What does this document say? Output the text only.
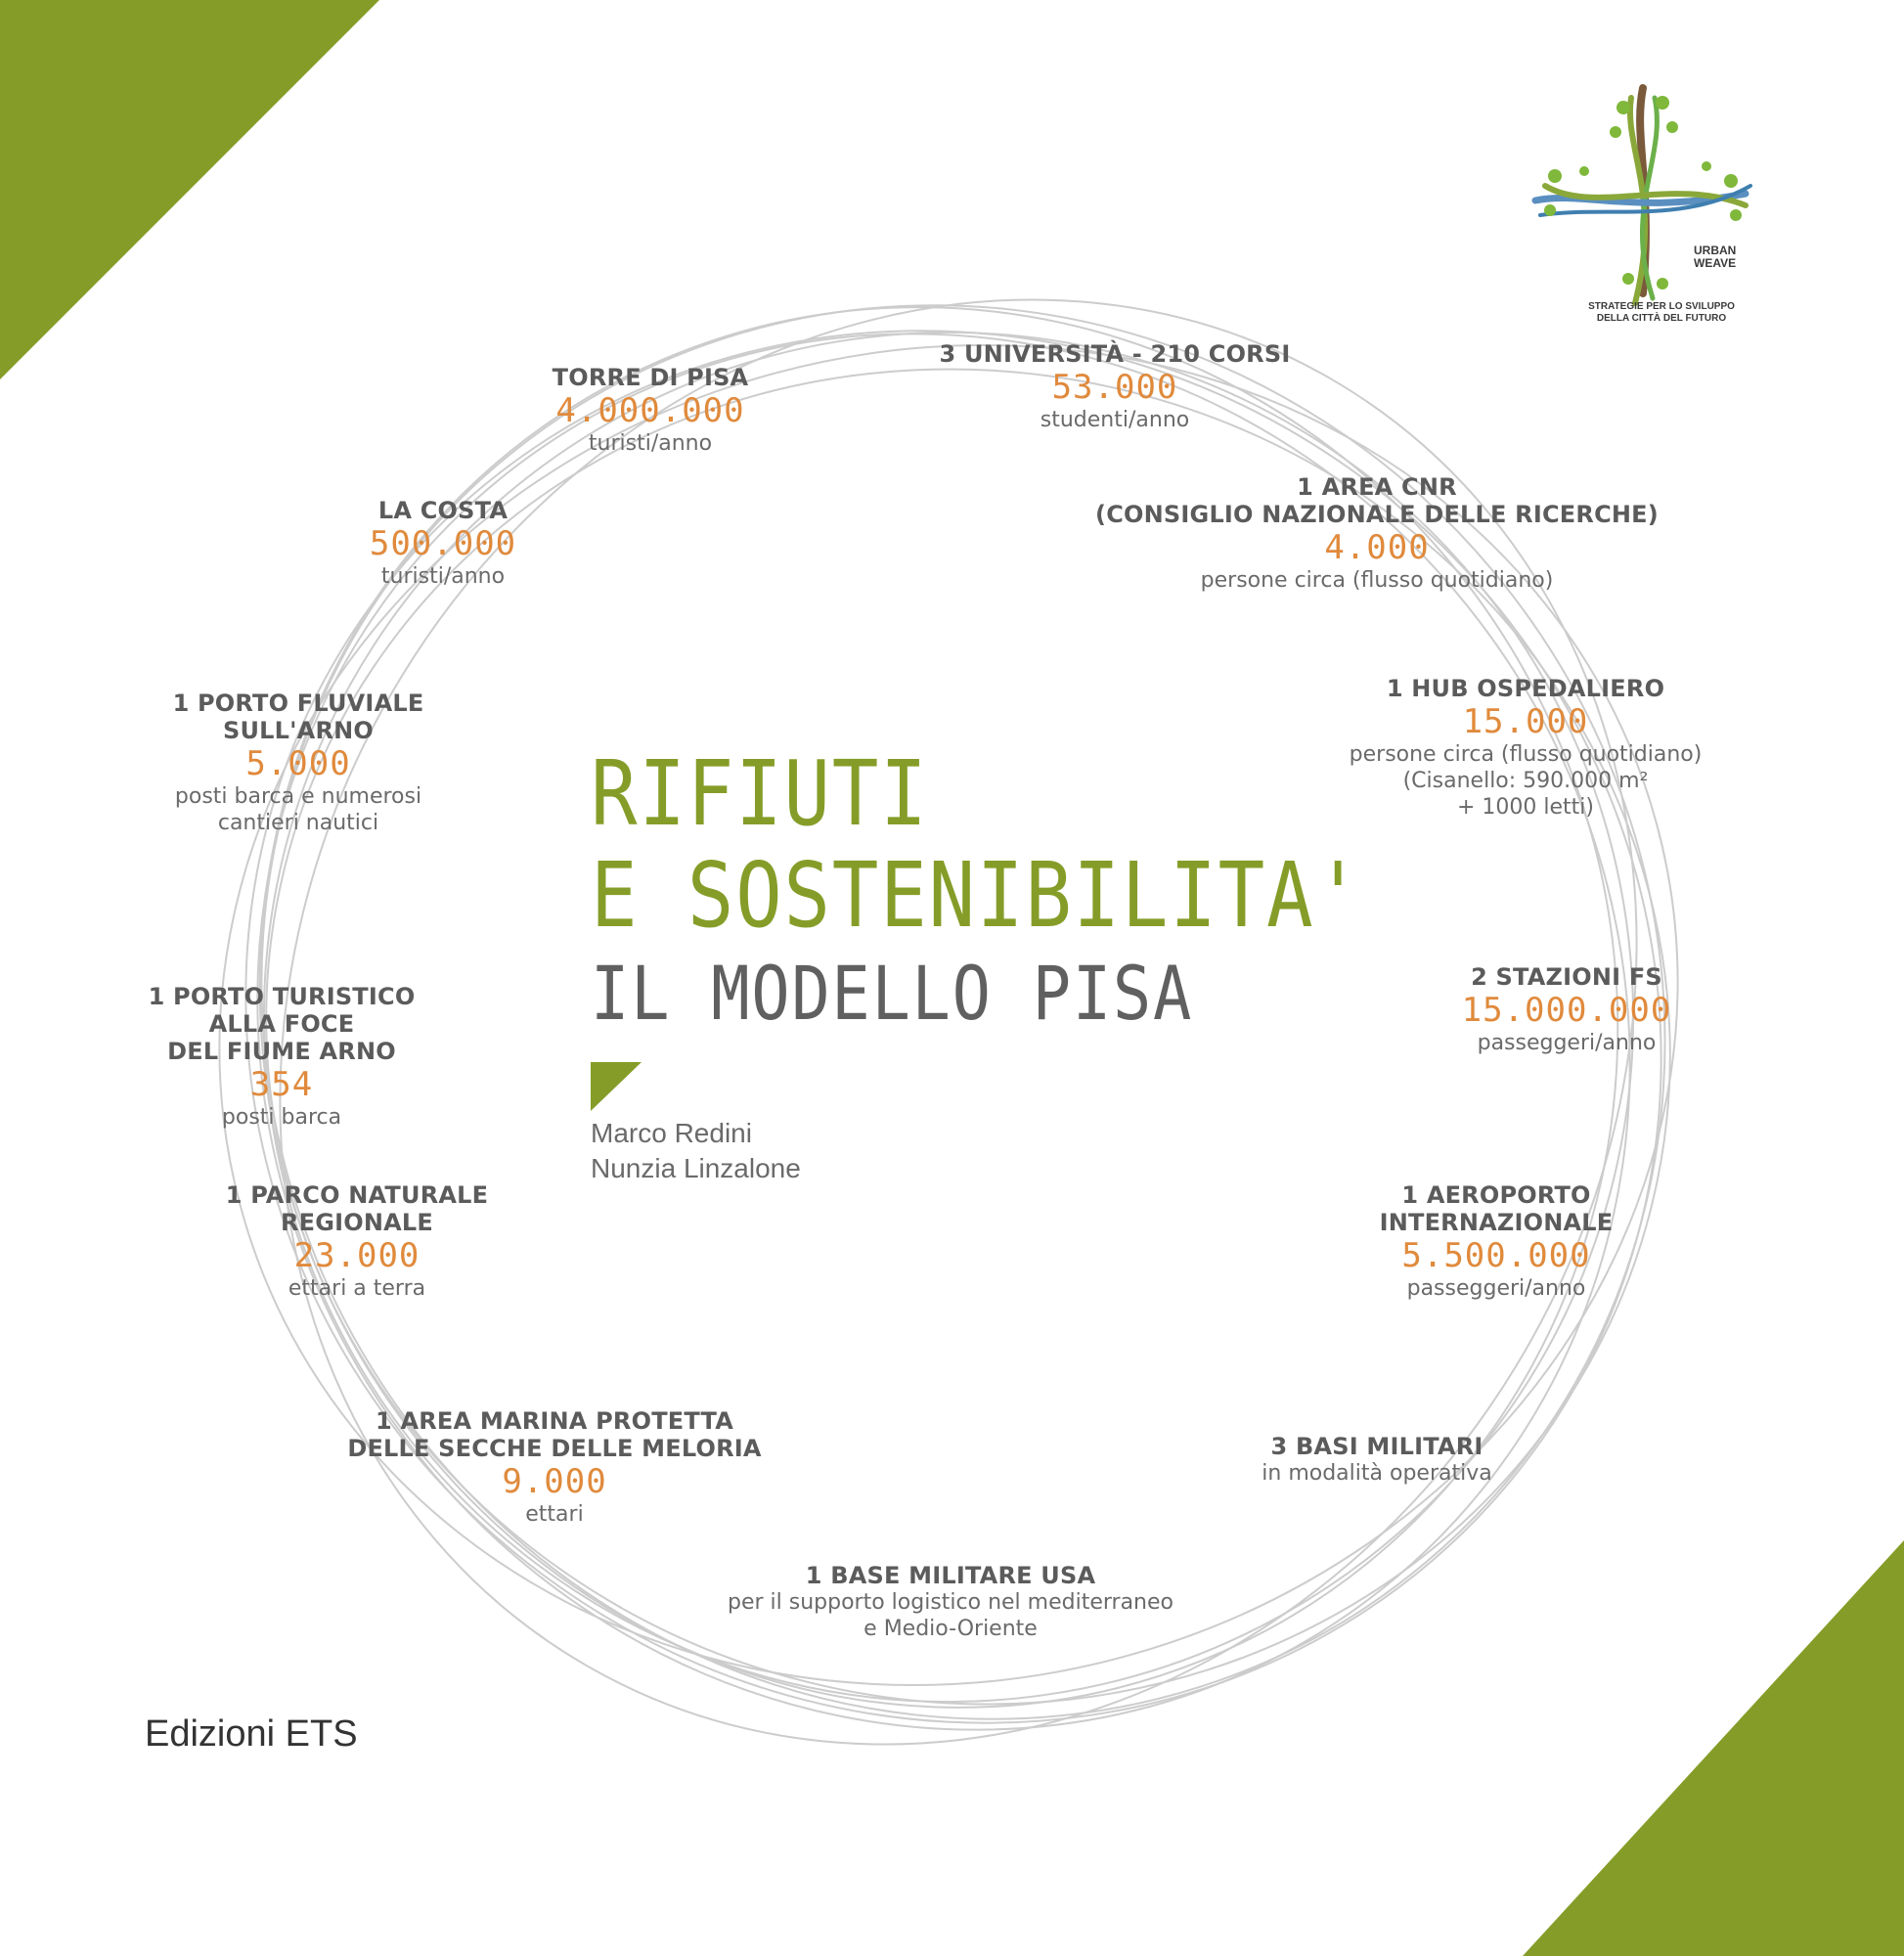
URBAN
WEAVE
STRATEGIE PER LO SVILUPPO
DELLA CITTÀ DEL FUTURO
RIFIUTI
E SOSTENIBILITA'
IL MODELLO PISA
Marco Redini
Nunzia Linzalone
Edizioni ETS
TORRE DI PISA
4.000.000
turisti/anno
3 UNIVERSITÀ - 210 CORSI
53.000
studenti/anno
1 AREA CNR
(CONSIGLIO NAZIONALE DELLE RICERCHE)
4.000
persone circa (flusso quotidiano)
1 HUB OSPEDALIERO
15.000
persone circa (flusso quotidiano)
(Cisanello: 590.000 m²
+ 1000 letti)
2 STAZIONI FS
15.000.000
passeggeri/anno
1 AEROPORTO
INTERNAZIONALE
5.500.000
passeggeri/anno
3 BASI MILITARI
in modalità operativa
1 BASE MILITARE USA
per il supporto logistico nel mediterraneo
e Medio-Oriente
1 AREA MARINA PROTETTA
DELLE SECCHE DELLE MELORIA
9.000
ettari
1 PARCO NATURALE
REGIONALE
23.000
ettari a terra
1 PORTO TURISTICO
ALLA FOCE
DEL FIUME ARNO
354
posti barca
1 PORTO FLUVIALE
SULL'ARNO
5.000
posti barca e numerosi
cantieri nautici
LA COSTA
500.000
turisti/anno
